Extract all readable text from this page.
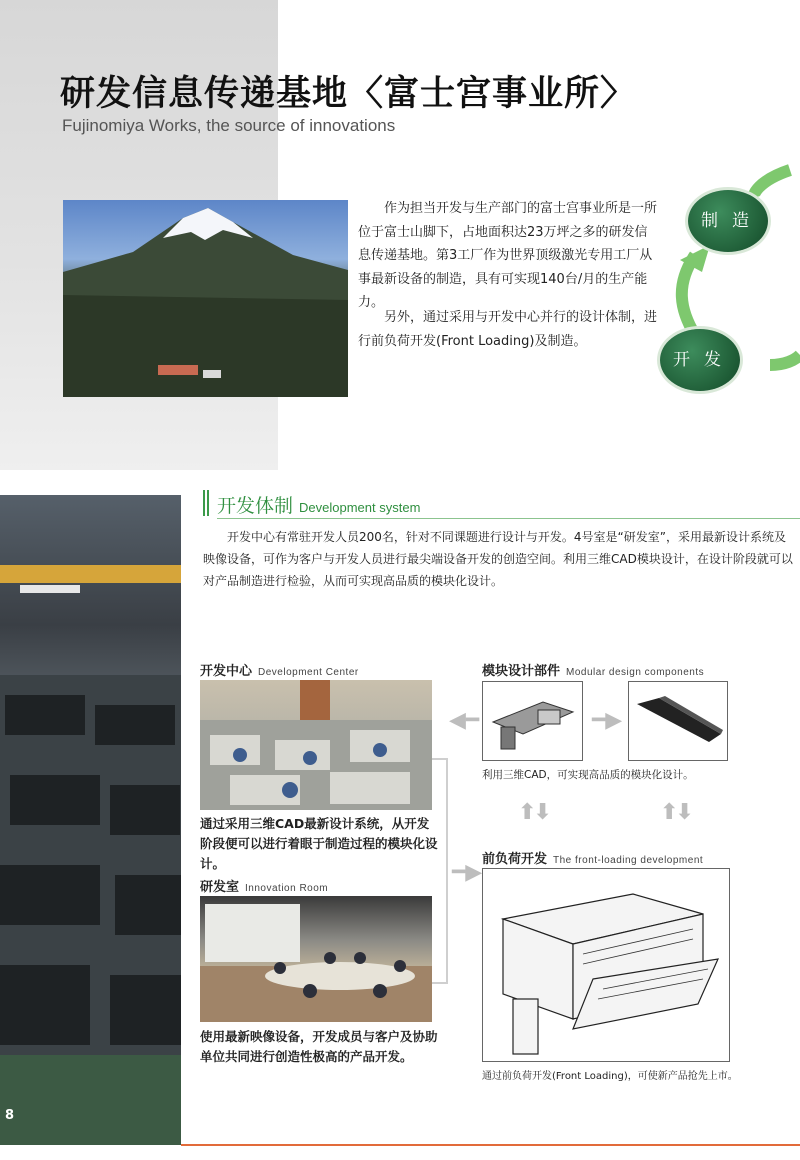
研发信息传递基地〈富士宫事业所〉
Fujinomiya Works, the source of innovations
作为担当开发与生产部门的富士宫事业所是一所位于富士山脚下，占地面积达23万坪之多的研发信息传递基地。第3工厂作为世界顶级激光专用工厂从事最新设备的制造，具有可实现140台/月的生产能力。
另外，通过采用与开发中心并行的设计体制，进行前负荷开发(Front Loading)及制造。
制造
开发
开发体制 Development system
开发中心有常驻开发人员200名，针对不同课题进行设计与开发。4号室是“研发室”，采用最新设计系统及映像设备，可作为客户与开发人员进行最尖端设备开发的创造空间。利用三维CAD模块设计，在设计阶段就可以对产品制造进行检验，从而可实现高品质的模块化设计。
开发中心 Development Center
通过采用三维CAD最新设计系统，从开发阶段便可以进行着眼于制造过程的模块化设计。
研发室 Innovation Room
使用最新映像设备，开发成员与客户及协助单位共同进行创造性极高的产品开发。
◀━	━▶
━▶
⬆⬇	⬆⬇
模块设计部件 Modular design components
利用三维CAD，可实现高品质的模块化设计。
前负荷开发 The front-loading development
通过前负荷开发(Front Loading)，可使新产品抢先上市。
8
